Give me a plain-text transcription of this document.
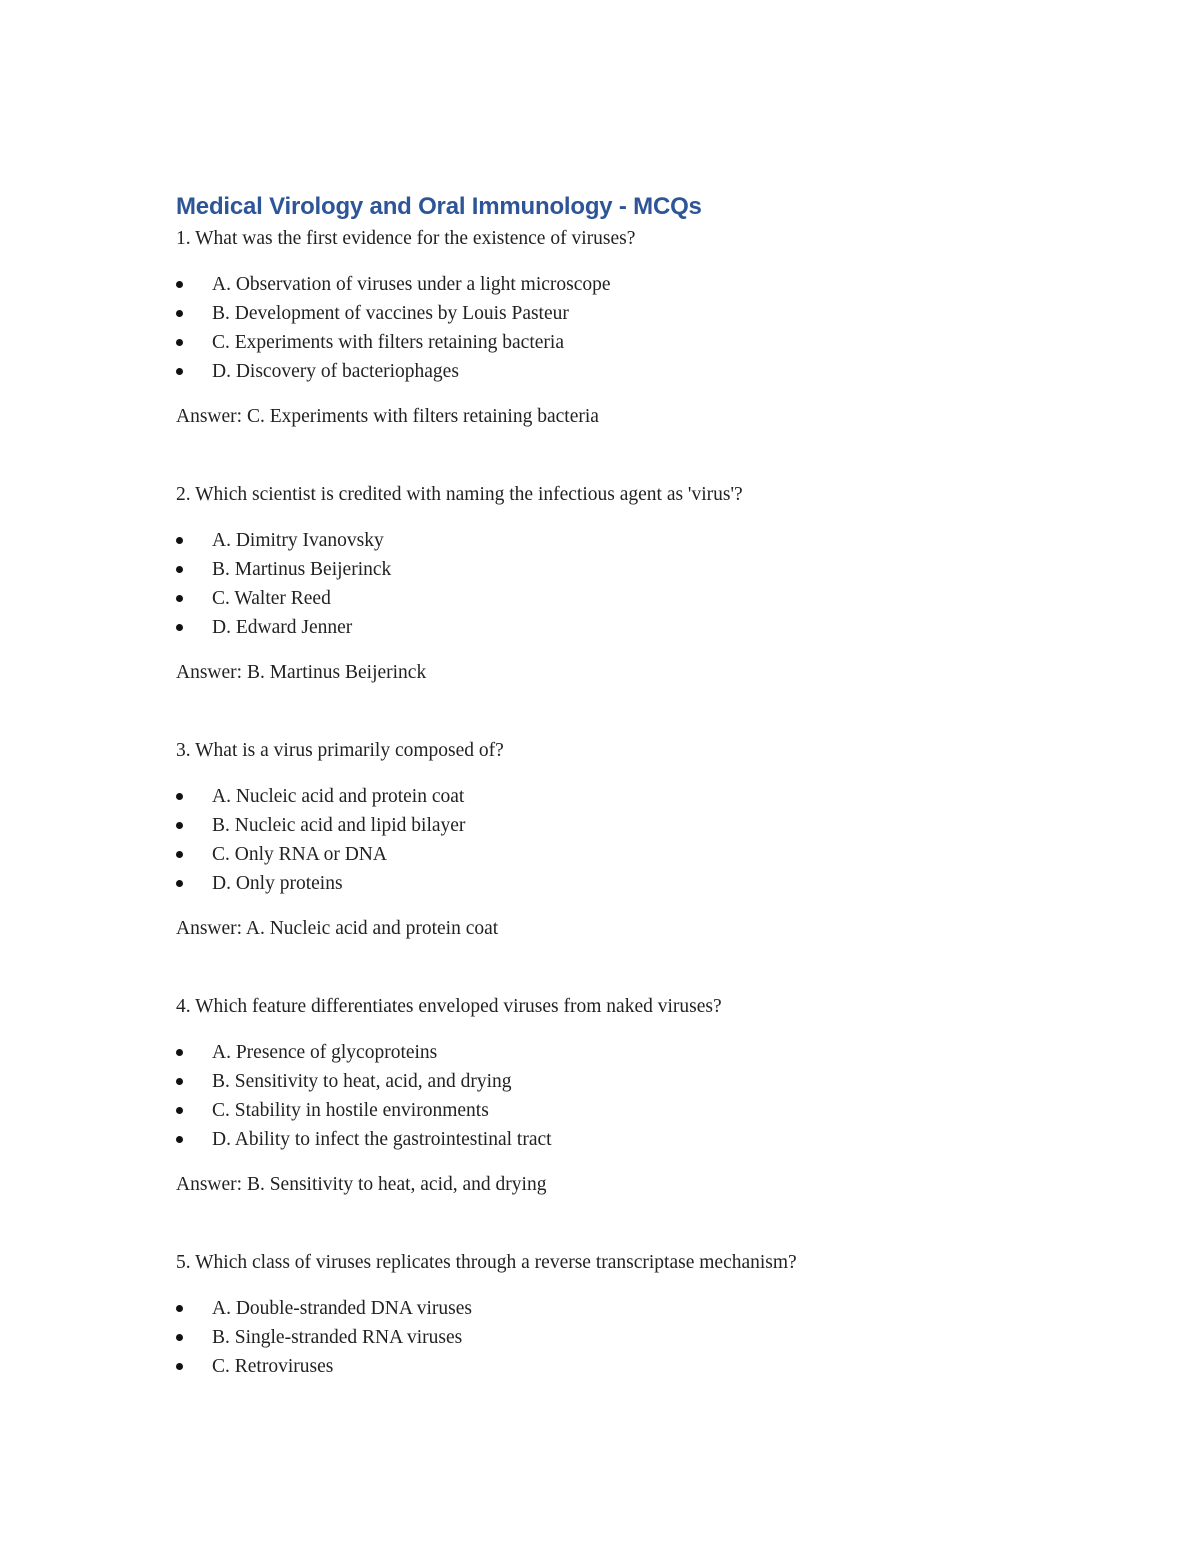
Medical Virology and Oral Immunology - MCQs

1. What was the first evidence for the existence of viruses?

A. Observation of viruses under a light microscope
B. Development of vaccines by Louis Pasteur
C. Experiments with filters retaining bacteria
D. Discovery of bacteriophages

Answer: C. Experiments with filters retaining bacteria

2. Which scientist is credited with naming the infectious agent as 'virus'?

A. Dimitry Ivanovsky
B. Martinus Beijerinck
C. Walter Reed
D. Edward Jenner

Answer: B. Martinus Beijerinck

3. What is a virus primarily composed of?

A. Nucleic acid and protein coat
B. Nucleic acid and lipid bilayer
C. Only RNA or DNA
D. Only proteins

Answer: A. Nucleic acid and protein coat

4. Which feature differentiates enveloped viruses from naked viruses?

A. Presence of glycoproteins
B. Sensitivity to heat, acid, and drying
C. Stability in hostile environments
D. Ability to infect the gastrointestinal tract

Answer: B. Sensitivity to heat, acid, and drying

5. Which class of viruses replicates through a reverse transcriptase mechanism?

A. Double-stranded DNA viruses
B. Single-stranded RNA viruses
C. Retroviruses
